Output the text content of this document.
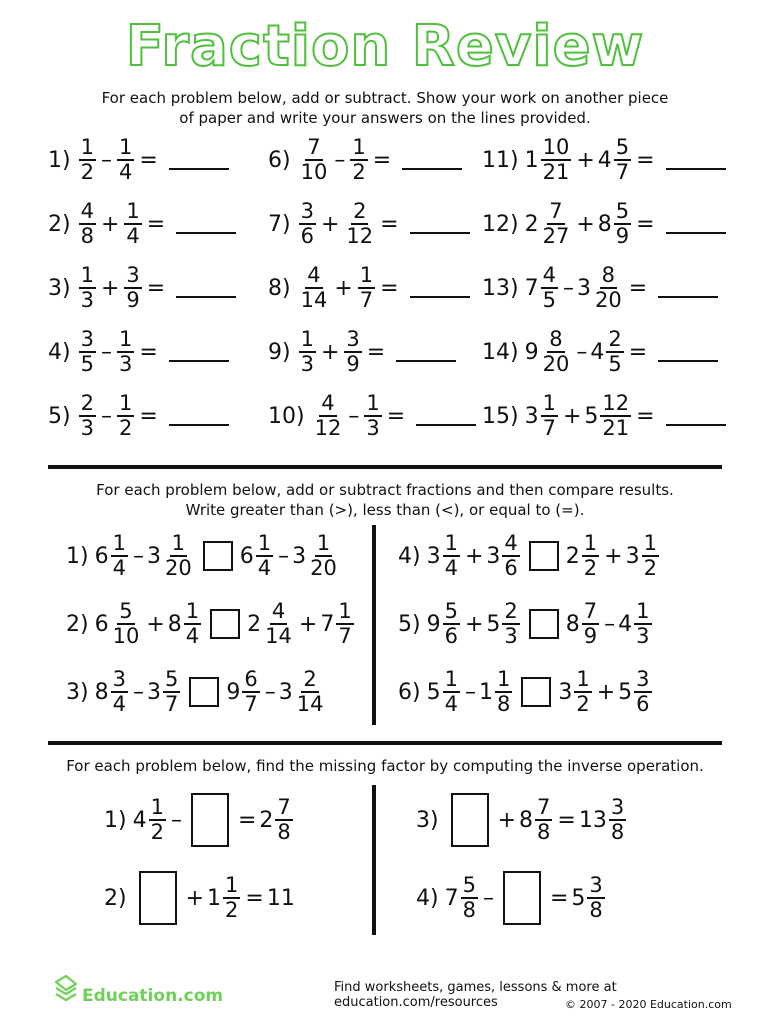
Fraction Review
For each problem below, add or subtract. Show your work on another piece
of paper and write your answers on the lines provided.
$1) \frac{1}{2} - \frac{1}{4}$ =
$2) \frac{4}{8} + \frac{1}{4}$ =
$3) \frac{1}{3} + \frac{3}{9}$ =
$4) \frac{3}{5} - \frac{1}{3}$ =
$5) \frac{2}{3} - \frac{1}{2}$ =
$6) \frac{7}{10} - \frac{1}{2}$ =
$7) \frac{3}{6} + \frac{2}{12}$ =
$8) \frac{4}{14} + \frac{1}{7}$ =
$9) \frac{1}{3} + \frac{3}{9}$ =
$10) \frac{4}{12} - \frac{1}{3}$ =
11) $1 \frac{10}{21} + 4 \frac{5}{7}$ =
12) $2 \frac{7}{27} + 8 \frac{5}{9}$ =
13) $7 \frac{4}{5} - 3 \frac{8}{20}$ =
14) $9 \frac{8}{20} - 4 \frac{2}{5}$ =
15) $3 \frac{1}{7} + 5 \frac{12}{21}$ =
For each problem below, add or subtract fractions and then compare results.
Write greater than (>), less than (<), or equal to (=).
1) $6 \frac{1}{4} - 3 \frac{1}{20} 6 \frac{1}{4} - 3 \frac{1}{20}$
2) $6 \frac{5}{10} + 8 \frac{1}{4} 2 \frac{4}{14} + 7 \frac{1}{7}$
3) $8 \frac{3}{4} - 3 \frac{5}{7} 9 \frac{6}{7} - 3 \frac{2}{14}$
4) $3 \frac{1}{4} + 3 \frac{4}{6} 2 \frac{1}{2} + 3 \frac{1}{2}$
5) $9 \frac{5}{6} + 5 \frac{2}{3} 8 \frac{7}{9} - 4 \frac{1}{3}$
6) $5 \frac{1}{4} - 1 \frac{1}{8} 3 \frac{1}{2} + 5 \frac{3}{6}$
For each problem below, find the missing factor by computing the inverse operation.
1) $4 \frac{1}{2}$ –	= $2 \frac{7}{8}$
2)	+ $1 \frac{1}{2} = 11$
3)	+ $8 \frac{7}{8} = 13 \frac{3}{8}$
4) $7 \frac{5}{8}$ –	= $5 \frac{3}{8}$
Education.com	Find worksheets, games, lessons & more at education.com/resources	© 2007 - 2020 Education.com
